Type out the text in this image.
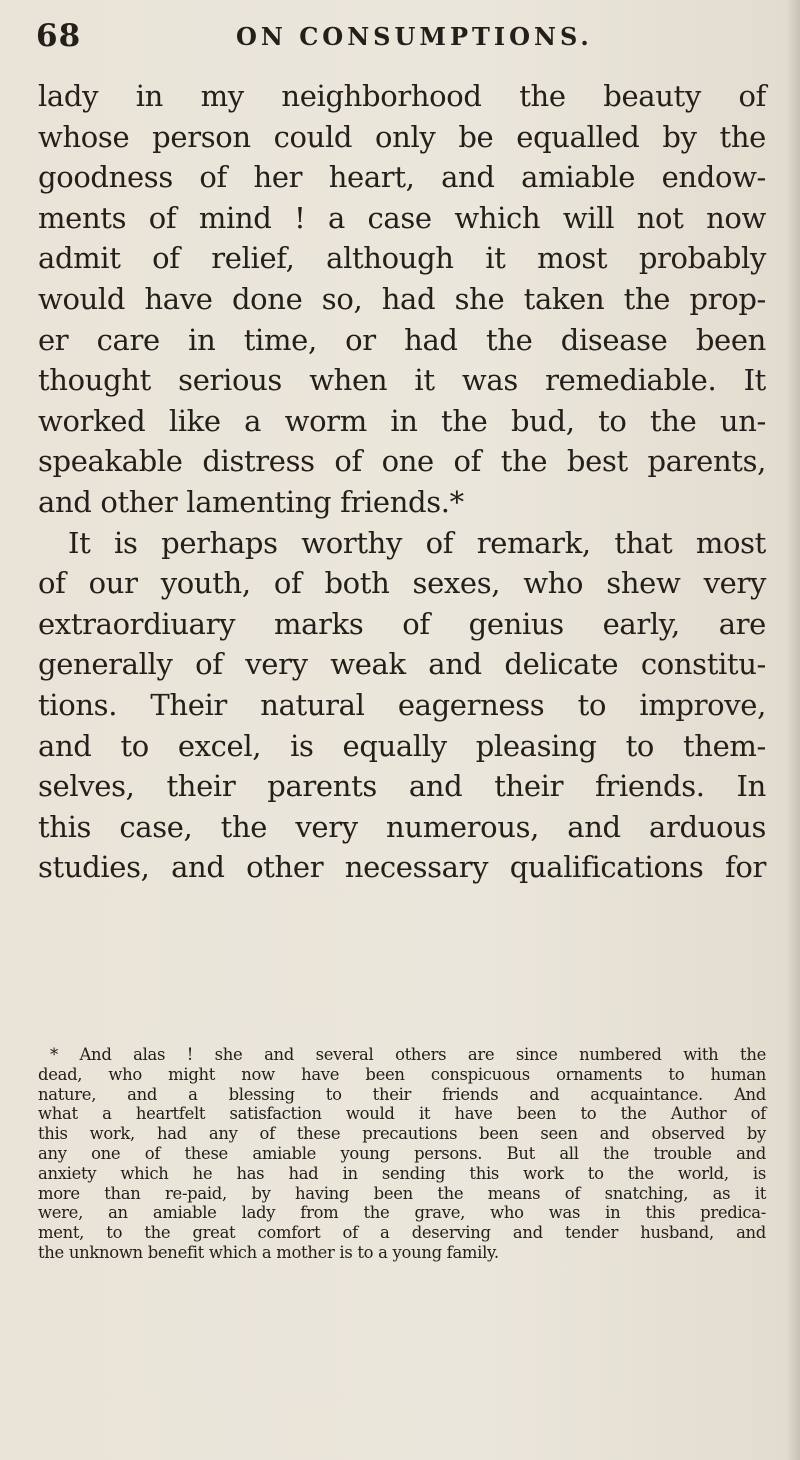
68	ON CONSUMPTIONS.
lady in my neighborhood the beauty of
whose person could only be equalled by the
goodness of her heart, and amiable endow-
ments of mind ! a case which will not now
admit of relief, although it most probably
would have done so, had she taken the prop-
er care in time, or had the disease been
thought serious when it was remediable. It
worked like a worm in the bud, to the un-
speakable distress of one of the best parents,
and other lamenting friends.*
It is perhaps worthy of remark, that most
of our youth, of both sexes, who shew very
extraordiuary marks of genius early, are
generally of very weak and delicate constitu-
tions. Their natural eagerness to improve,
and to excel, is equally pleasing to them-
selves, their parents and their friends. In
this case, the very numerous, and arduous
studies, and other necessary qualifications for
* And alas ! she and several others are since numbered with the
dead, who might now have been conspicuous ornaments to human
nature, and a blessing to their friends and acquaintance. And
what a heartfelt satisfaction would it have been to the Author of
this work, had any of these precautions been seen and observed by
any one of these amiable young persons. But all the trouble and
anxiety which he has had in sending this work to the world, is
more than re-paid, by having been the means of snatching, as it
were, an amiable lady from the grave, who was in this predica-
ment, to the great comfort of a deserving and tender husband, and
the unknown benefit which a mother is to a young family.
